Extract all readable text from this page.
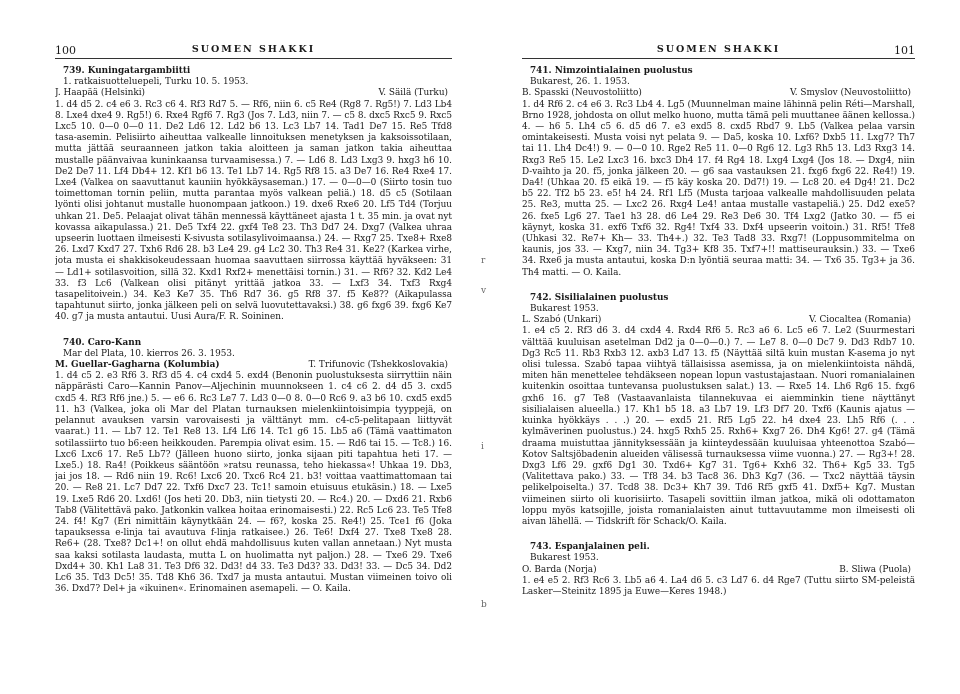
100	SUOMEN SHAKKI

739. Kuningatargambiitti

1. ratkaisuotteluepeli, Turku 10. 5. 1953.

J. Haapää (Helsinki)	V. Säilä (Turku)

1. d4 d5 2. c4 e6 3. Rc3 c6 4. Rf3 Rd7 5. — Rf6, niin 6. c5 Re4 (Rg8 7. Rg5!) 7. Ld3 Lb4 8. Lxe4 dxe4 9. Rg5!) 6. Rxe4 Rgf6 7. Rg3 (Jos 7. Ld3, niin 7. — c5 8. dxc5 Rxc5 9. Rxc5 Lxc5 10. 0—0 0—0 11. De2 Ld6 12. Ld2 b6 13. Lc3 Lb7 14. Tad1 De7 15. Re5 Tfd8 tasa-asemin. Pelisiirto aiheuttaa valkealle linnoituksen menetyksen ja kaksoissotilaan, mutta jättää seuraanneen jatkon takia aloitteen ja saman jatkon takia aiheuttaa mustalle päänvaivaa kuninkaansa turvaamisessa.) 7. — Ld6 8. Ld3 Lxg3 9. hxg3 h6 10. De2 De7 11. Lf4 Db4+ 12. Kf1 b6 13. Te1 Lb7 14. Rg5 Rf8 15. a3 De7 16. Re4 Rxe4 17. Lxe4 (Valkea on saavuttanut kauniin hyökkäysaseman.) 17. — 0—0—0 (Siirto tosin tuo toimettoman tornin peliin, mutta parantaa myös valkean peliä.) 18. d5 c5 (Sotilaan lyönti olisi johtanut mustalle huonompaan jatkoon.) 19. dxe6 Rxe6 20. Lf5 Td4 (Torjuu uhkan 21. De5. Pelaajat olivat tähän mennessä käyttäneet ajasta 1 t. 35 min. ja ovat nyt kovassa aikapulassa.) 21. De5 Txf4 22. gxf4 Te8 23. Th3 Dd7 24. Dxg7 (Valkea uhraa upseerin luottaen ilmeisesti K-sivusta sotilasylivoimaansa.) 24. — Rxg7 25. Txe8+ Rxe8 26. Lxd7 Kxd7 27. Txh6 Rd6 28. b3 Le4 29. g4 Lc2 30. Th3 Re4 31. Ke2? (Karkea virhe, jota musta ei shakkisokeudessaan huomaa saavuttaen siirrossa käyttää hyväkseen: 31 — Ld1+ sotilasvoition, sillä 32. Kxd1 Rxf2+ menettäisi tornin.) 31. — Rf6? 32. Kd2 Le4 33. f3 Lc6 (Valkean olisi pitänyt yrittää jatkoa 33. — Lxf3 34. Txf3 Rxg4 tasapelitoivein.) 34. Ke3 Ke7 35. Th6 Rd7 36. g5 Rf8 37. f5 Ke8?? (Aikapulassa tapahtunut siirto, jonka jälkeen peli on selvä luovutettavaksi.) 38. g6 fxg6 39. fxg6 Ke7 40. g7 ja musta antautui. Uusi Aura/F. R. Soininen.

740. Caro-Kann

Mar del Plata, 10. kierros 26. 3. 1953.

M. Guellar-Gagharna (Kolumbia)	T. Trifunovic (Tshekkoslovakia)

1. d4 c5 2. e3 Rf6 3. Rf3 d5 4. c4 cxd4 5. exd4 (Benonin puolustuksesta siirryttiin näin näppärästi Caro—Kannin Panov—Aljechinin muunnokseen 1. c4 c6 2. d4 d5 3. cxd5 cxd5 4. Rf3 Rf6 jne.) 5. — e6 6. Rc3 Le7 7. Ld3 0—0 8. 0—0 Rc6 9. a3 b6 10. cxd5 exd5 11. h3 (Valkea, joka oli Mar del Platan turnauksen mielenkiintoisimpia tyyppejä, on pelannut avauksen varsin varovaisesti ja välttänyt mm. c4-c5-pelitapaan liittyvät vaarat.) 11. — Lb7 12. Te1 Re8 13. Lf4 Lf6 14. Tc1 g6 15. Lb5 a6 (Tämä vaattimaton sotilassiirto tuo b6:een heikkouden. Parempia olivat esim. 15. — Rd6 tai 15. — Tc8.) 16. Lxc6 Lxc6 17. Re5 Lb7? (Jälleen huono siirto, jonka sijaan piti tapahtua heti 17. — Lxe5.) 18. Ra4! (Poikkeus sääntöön »ratsu reunassa, teho hiekassa«! Uhkaa 19. Db3, jai jos 18. — Rd6 niin 19. Rc6! Lxc6 20. Txc6 Rc4 21. b3! voittaa vaattimattomaan tai 20. — Re8 21. Lc7 Dd7 22. Txf6 Dxc7 23. Tc1! samoin etuisuus etukäsin.) 18. — Lxe5 19. Lxe5 Rd6 20. Lxd6! (Jos heti 20. Db3, niin tietysti 20. — Rc4.) 20. — Dxd6 21. Rxb6 Tab8 (Välitettävä pako. Jatkonkin valkea hoitaa erinomaisesti.) 22. Rc5 Lc6 23. Te5 Tfe8 24. f4! Kg7 (Eri nimittäin käynytkään 24. — f6?, koska 25. Re4!) 25. Tce1 f6 (Joka tapauksessa e-linja tai avautuva f-linja ratkaisee.) 26. Te6! Dxf4 27. Txe8 Txe8 28. Re6+ (28. Txe8? Dc1+! on ollut ehdä mahdollisuus kuten vallan annetaan.) Nyt musta saa kaksi sotilasta laudasta, mutta L on huolimatta nyt paljon.) 28. — Txe6 29. Txe6 Dxd4+ 30. Kh1 La8 31. Te3 Df6 32. Dd3! d4 33. Te3 Dd3? 33. Dd3! 33. — Dc5 34. Dd2 Lc6 35. Td3 Dc5! 35. Td8 Kh6 36. Txd7 ja musta antautui. Mustan viimeinen toivo oli 36. Dxd7? Del+ ja «ikuinen«. Erinomainen asemapeli. — O. Kaila.

r
v
i
b
SUOMEN SHAKKI	101

741. Nimzointialainen puolustus

Bukarest, 26. 1. 1953.

B. Spasski (Neuvostoliitto)	V. Smyslov (Neuvostoliitto)

1. d4 Rf6 2. c4 e6 3. Rc3 Lb4 4. Lg5 (Muunnelman maine lähinnä pelin Réti—Marshall, Brno 1928, johdosta on ollut melko huono, mutta tämä peli muuttanee äänen kellossa.) 4. — h6 5. Lh4 c5 6. d5 d6 7. e3 exd5 8. cxd5 Rbd7 9. Lb5 (Valkea pelaa varsin omintakeisesti. Musta voisi nyt pelata 9. — Da5, koska 10. Lxf6? Dxb5 11. Lxg7? Th7 tai 11. Lh4 Dc4!) 9. — 0—0 10. Rge2 Re5 11. 0—0 Rg6 12. Lg3 Rh5 13. Ld3 Rxg3 14. Rxg3 Re5 15. Le2 Lxc3 16. bxc3 Dh4 17. f4 Rg4 18. Lxg4 Lxg4 (Jos 18. — Dxg4, niin D-vaihto ja 20. f5, jonka jälkeen 20. — g6 saa vastauksen 21. fxg6 fxg6 22. Re4!) 19. Da4! (Uhkaa 20. f5 eikä 19. — f5 käy koska 20. Dd7!) 19. — Lc8 20. e4 Dg4! 21. Dc2 b5 22. Tf2 b5 23. e5! h4 24. Rf1 Lf5 (Musta tarjoaa valkealle mahdollisuuden pelata 25. Re3, mutta 25. — Lxc2 26. Rxg4 Le4! antaa mustalle vastapeliä.) 25. Dd2 exe5? 26. fxe5 Lg6 27. Tae1 h3 28. d6 Le4 29. Re3 De6 30. Tf4 Lxg2 (Jatko 30. — f5 ei käynyt, koska 31. exf6 Txf6 32. Rg4! Txf4 33. Dxf4 upseerin voitoin.) 31. Rf5! Tfe8 (Uhkasi 32. Re7+ Kh— 33. Th4+.) 32. Te3 Tad8 33. Rxg7! (Loppusommitelma on kaunis, jos 33. — Kxg7, niin 34. Tg3+ Kf8 35. Txf7+!! mattiseurauksin.) 33. — Txe6 34. Rxe6 ja musta antautui, koska D:n lyöntiä seuraa matti: 34. — Tx6 35. Tg3+ ja 36. Th4 matti. — O. Kaila.

742. Sisilialainen puolustus

Bukarest 1953.

L. Szabó (Unkari)	V. Ciocaltea (Romania)

1. e4 c5 2. Rf3 d6 3. d4 cxd4 4. Rxd4 Rf6 5. Rc3 a6 6. Lc5 e6 7. Le2 (Suurmestari välttää kuuluisan asetelman Dd2 ja 0—0—0.) 7. — Le7 8. 0—0 Dc7 9. Dd3 Rdb7 10. Dg3 Rc5 11. Rb3 Rxb3 12. axb3 Ld7 13. f5 (Näyttää siltä kuin mustan K-asema jo nyt olisi tulessa. Szabó tapaa viihtyä tällaisissa asemissa, ja on mielenkiintoista nähdä, miten hän menettelee tehdäkseen nopean lopun vastustajastaan. Nuori romanialainen kuitenkin osoittaa tuntevansa puolustuksen salat.) 13. — Rxe5 14. Lh6 Rg6 15. fxg6 gxh6 16. g7 Te8 (Vastaavanlaista tilannekuvaa ei aiemminkin tiene näyttänyt sisilialaisen alueella.) 17. Kh1 b5 18. a3 Lb7 19. Lf3 Df7 20. Txf6 (Kaunis ajatus — kuinka hyökkäys . . .) 20. — exd5 21. Rf5 Lg5 22. h4 dxe4 23. Lh5 Rf6 (. . . kylmäverinen puolustus.) 24. hxg5 Rxh5 25. Rxh6+ Kxg7 26. Dh4 Kg6! 27. g4 (Tämä draama muistuttaa jännityksessään ja kiinteydessään kuuluisaa yhteenottoa Szabó—Kotov Saltsjöbadenin alueiden välisessä turnauksessa viime vuonna.) 27. — Rg3+! 28. Dxg3 Lf6 29. gxf6 Dg1 30. Txd6+ Kg7 31. Tg6+ Kxh6 32. Th6+ Kg5 33. Tg5 (Valitettava pako.) 33. — Tf8 34. b3 Tac8 36. Dh3 Kg7 (36. — Txc2 näyttää täysin pelikelpoiselta.) 37. Tcd8 38. Dc3+ Kh7 39. Td6 Rf5 gxf5 41. Dxf5+ Kg7. Mustan viimeinen siirto oli kuorisiirto. Tasapeli sovittiin ilman jatkoa, mikä oli odottamaton loppu myös katsojille, joista romanialaisten ainut tuttavuutamme mon ilmeisesti oli aivan lähellä. — Tidskrift för Schack/O. Kaila.

743. Espanjalainen peli.

Bukarest 1953.

O. Barda (Norja)	B. Sliwa (Puola)

1. e4 e5 2. Rf3 Rc6 3. Lb5 a6 4. La4 d6 5. c3 Ld7 6. d4 Rge7 (Tuttu siirto SM-peleistä Lasker—Steinitz 1895 ja Euwe—Keres 1948.)
